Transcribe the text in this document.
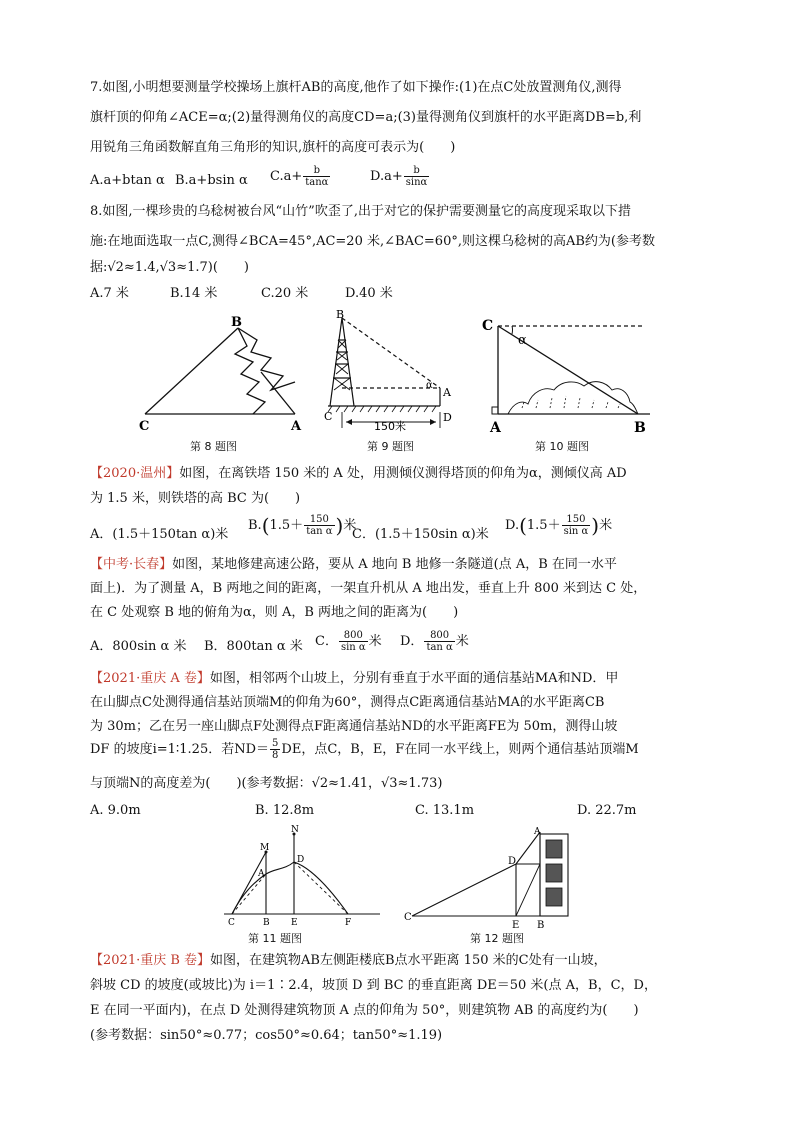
7.如图,小明想要测量学校操场上旗杆AB的高度,他作了如下操作:(1)在点C处放置测角仪,测得
旗杆顶的仰角∠ACE=α;(2)量得测角仪的高度CD=a;(3)量得测角仪到旗杆的水平距离DB=b,利
用锐角三角函数解直角三角形的知识,旗杆的高度可表示为(　　)
A.a+btan α B.a+bsin α $C.a+ \frac{b}{\tan\alpha}$	$D.a+ \frac{b}{\sin\alpha}$
8.如图,一棵珍贵的乌稔树被台风“山竹”吹歪了,出于对它的保护需要测量它的高度现采取以下措
施:在地面选取一点C,测得∠BCA=45°,AC=20 米,∠BAC=60°,则这棵乌稔树的高AB约为(参考数
据:√2≈1.4,√3≈1.7)(　　)
A.7 米	B.14 米	C.20 米	D.40 米
B
C	A
第 8 题图
B
α
A
C	D
150米
第 9 题图
C
α
A	B
第 10 题图
【2020·温州】如图，在离铁塔 150 米的 A 处，用测倾仪测得塔顶的仰角为α，测倾仪高 AD
为 1.5 米，则铁塔的高 BC 为(　　)
A．(1.5＋150tan α)米
$B.(1.5+ \frac{150}{\text{tan α}}$ )米
C．(1.5＋150sin α)米
$D.(1.5+ \frac{150}{\text{sin α}}$ )米
【中考·长春】如图，某地修建高速公路，要从 A 地向 B 地修一条隧道(点 A，B 在同一水平
面上)．为了测量 A，B 两地之间的距离，一架直升机从 A 地出发，垂直上升 800 米到达 C 处，
在 C 处观察 B 地的俯角为α，则 A，B 两地之间的距离为(　　)
A．800sin α 米 B．800tan α 米 C． $\frac{800}{\text{sin α}}$ 米 D． $\frac{800}{\text{tan α}}$ 米
【2021·重庆 A 卷】如图，相邻两个山坡上，分别有垂直于水平面的通信基站MA和ND．甲
在山脚点C处测得通信基站顶端M的仰角为60°，测得点C距离通信基站MA的水平距离CB
为 30m；乙在另一座山脚点F处测得点F距离通信基站ND的水平距离FE为 50m，测得山坡
DF 的坡度i=1∶1.25．若$ND= \frac{5}{8}$ DE，点C，B，E，F在同一水平线上，则两个通信基站顶端M
与顶端N的高度差为(　　)(参考数据：√2≈1.41，√3≈1.73)
A. 9.0m	B. 12.8m	C. 13.1m	D. 22.7m
N
M
D
A
C	B E	F
第 11 题图
A
D
C
E B
第 12 题图
【2021·重庆 B 卷】如图，在建筑物AB左侧距楼底B点水平距离 150 米的C处有一山坡，
斜坡 CD 的坡度(或坡比)为 i＝1∶2.4，坡顶 D 到 BC 的垂直距离 DE＝50 米(点 A，B，C，D，
E 在同一平面内)，在点 D 处测得建筑物顶 A 点的仰角为 50°，则建筑物 AB 的高度约为(　　)
(参考数据：sin50°≈0.77；cos50°≈0.64；tan50°≈1.19)
